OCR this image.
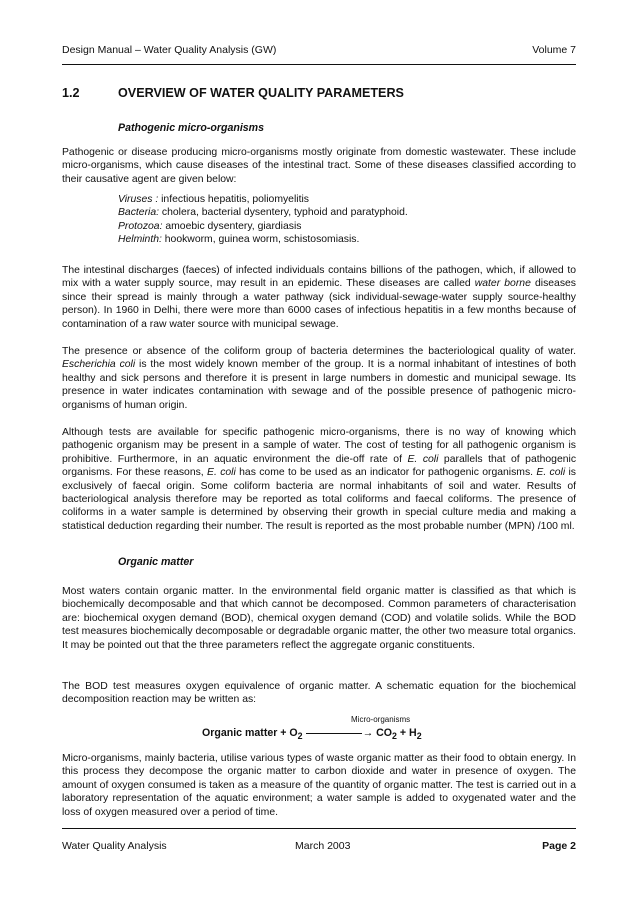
Design Manual – Water Quality Analysis (GW)	Volume 7
1.2	OVERVIEW OF WATER QUALITY PARAMETERS
Pathogenic micro-organisms

Pathogenic or disease producing micro-organisms mostly originate from domestic wastewater. These include micro-organisms, which cause diseases of the intestinal tract. Some of these diseases classified according to their causative agent are given below:

Viruses : infectious hepatitis, poliomyelitis
Bacteria: cholera, bacterial dysentery, typhoid and paratyphoid.
Protozoa: amoebic dysentery, giardiasis
Helminth: hookworm, guinea worm, schistosomiasis.

The intestinal discharges (faeces) of infected individuals contains billions of the pathogen, which, if allowed to mix with a water supply source, may result in an epidemic. These diseases are called water borne diseases since their spread is mainly through a water pathway (sick individual-sewage-water supply source-healthy person). In 1960 in Delhi, there were more than 6000 cases of infectious hepatitis in a few months because of contamination of a raw water source with municipal sewage.

The presence or absence of the coliform group of bacteria determines the bacteriological quality of water. Escherichia coli is the most widely known member of the group. It is a normal inhabitant of intestines of both healthy and sick persons and therefore it is present in large numbers in domestic and municipal sewage. Its presence in water indicates contamination with sewage and of the possible presence of pathogenic micro-organisms of human origin.

Although tests are available for specific pathogenic micro-organisms, there is no way of knowing which pathogenic organism may be present in a sample of water. The cost of testing for all pathogenic organism is prohibitive. Furthermore, in an aquatic environment the die-off rate of E. coli parallels that of pathogenic organisms. For these reasons, E. coli has come to be used as an indicator for pathogenic organisms. E. coli is exclusively of faecal origin. Some coliform bacteria are normal inhabitants of soil and water. Results of bacteriological analysis therefore may be reported as total coliforms and faecal coliforms. The presence of coliforms in a water sample is determined by observing their growth in special culture media and making a statistical deduction regarding their number. The result is reported as the most probable number (MPN) /100 ml.

Organic matter

Most waters contain organic matter. In the environmental field organic matter is classified as that which is biochemically decomposable and that which cannot be decomposed. Common parameters of characterisation are: biochemical oxygen demand (BOD), chemical oxygen demand (COD) and volatile solids. While the BOD test measures biochemically decomposable or degradable organic matter, the other two measure total organics. It may be pointed out that the three parameters reflect the aggregate organic constituents.

The BOD test measures oxygen equivalence of organic matter. A schematic equation for the biochemical decomposition reaction may be written as:

Micro-organisms
Organic matter + $O_2$	→ $CO_2 + H_2$

Micro-organisms, mainly bacteria, utilise various types of waste organic matter as their food to obtain energy. In this process they decompose the organic matter to carbon dioxide and water in presence of oxygen. The amount of oxygen consumed is taken as a measure of the quantity of organic matter. The test is carried out in a laboratory representation of the aquatic environment; a water sample is added to oxygenated water and the loss of oxygen measured over a period of time.

Water Quality Analysis	March 2003	Page 2
